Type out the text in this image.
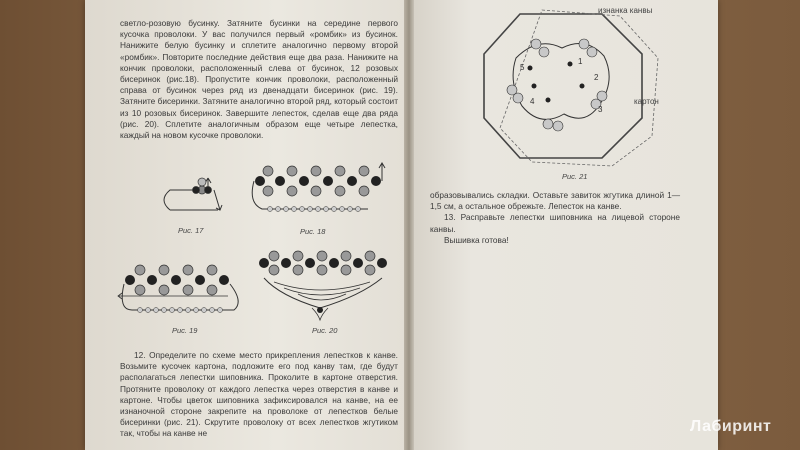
светло-розовую бусинку. Затяните бусинки на середине первого кусочка проволоки. У вас получился первый «ромбик» из бусинок. Нанижите белую бусинку и сплетите аналогично первому второй «ромбик». Повторите последние действия еще два раза. Нанижите на кончик проволоки, расположенный слева от бусинок, 12 розовых бисеринок (рис.18). Пропустите кончик проволоки, расположенный справа от бусинок через ряд из двенадцати бисеринок (рис. 19). Затяните бисеринки. Затяните аналогично второй ряд, который состоит из 10 розовых бисеринок. Завершите лепесток, сделав еще два ряда (рис. 20). Сплетите аналогичным образом еще четыре лепестка, каждый на новом кусочке проволоки.

Рис. 17	Рис. 18
Рис. 19	Рис. 20

12. Определите по схеме место прикрепления лепестков к канве. Возьмите кусочек картона, подложите его под канву там, где будут располагаться лепестки шиповника. Проколите в картоне отверстия. Протяните проволоку от каждого лепестка через отверстия в канве и картоне. Чтобы цветок шиповника зафиксировался на канве, на ее изнаночной стороне закрепите на проволоке от лепестков белые бисеринки (рис. 21). Скрутите проволоку от всех лепестков жгутиком так, чтобы на канве не

1
2
3
4
5
изнанка канвы
картон
Рис. 21

образовывались складки. Оставьте завиток жгутика длиной 1—1,5 см, а остальное обрежьте. Лепесток на канве.

13. Расправьте лепестки шиповника на лицевой стороне канвы.

Вышивка готова!

Лабиринт
